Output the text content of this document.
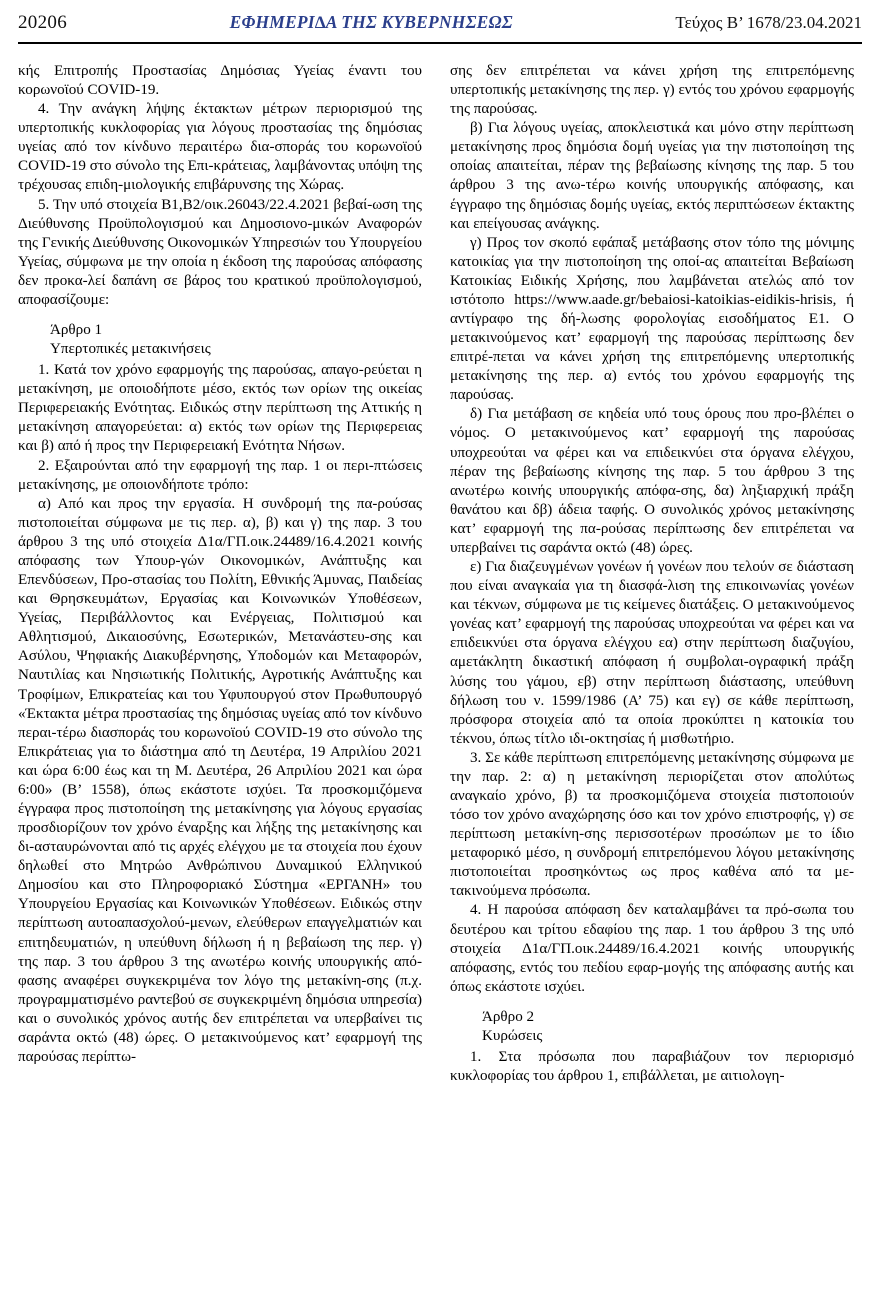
20206	ΕΦΗΜΕΡΙ∆Α ΤΗΣ ΚΥΒΕΡΝΗΣΕΩΣ	Τεύχος B’ 1678/23.04.2021

κής Επιτροπής Προστασίας Δημόσιας Υγείας έναντι του κορωνοϊού COVID-19.

4. Την ανάγκη λήψης έκτακτων μέτρων περιορισμού της υπερτοπικής κυκλοφορίας για λόγους προστασίας της δημόσιας υγείας από τον κίνδυνο περαιτέρω δια-σποράς του κορωνοϊού COVID-19 στο σύνολο της Επι-κράτειας, λαμβάνοντας υπόψη της τρέχουσας επιδη-μιολογικής επιβάρυνσης της Χώρας.

5. Την υπό στοιχεία Β1,Β2/οικ.26043/22.4.2021 βεβαί-ωση της Διεύθυνσης Προϋπολογισμού και Δημοσιονο-μικών Αναφορών της Γενικής Διεύθυνσης Οικονομικών Υπηρεσιών του Υπουργείου Υγείας, σύμφωνα με την οποία η έκδοση της παρούσας απόφασης δεν προκα-λεί δαπάνη σε βάρος του κρατικού προϋπολογισμού, αποφασίζουμε:

Άρθρο 1

Υπερτοπικές μετακινήσεις

1. Κατά τον χρόνο εφαρμογής της παρούσας, απαγο-ρεύεται η μετακίνηση, με οποιοδήποτε μέσο, εκτός των ορίων της οικείας Περιφερειακής Ενότητας. Ειδικώς στην περίπτωση της Αττικής η μετακίνηση απαγορεύεται: α) εκτός των ορίων της Περιφερειας και β) από ή προς την Περιφερειακή Ενότητα Νήσων.

2. Εξαιρούνται από την εφαρμογή της παρ. 1 οι περι-πτώσεις μετακίνησης, με οποιονδήποτε τρόπο:

α) Από και προς την εργασία. Η συνδρομή της πα-ρούσας πιστοποιείται σύμφωνα με τις περ. α), β) και γ) της παρ. 3 του άρθρου 3 της υπό στοιχεία Δ1α/ΓΠ.οικ.24489/16.4.2021 κοινής απόφασης των Υπουρ-γών Οικονομικών, Ανάπτυξης και Επενδύσεων, Προ-στασίας του Πολίτη, Εθνικής Άμυνας, Παιδείας και Θρησκευμάτων, Εργασίας και Κοινωνικών Υποθέσεων, Υγείας, Περιβάλλοντος και Ενέργειας, Πολιτισμού και Αθλητισμού, Δικαιοσύνης, Εσωτερικών, Μετανάστευ-σης και Ασύλου, Ψηφιακής Διακυβέρνησης, Υποδομών και Μεταφορών, Ναυτιλίας και Νησιωτικής Πολιτικής, Αγροτικής Ανάπτυξης και Τροφίμων, Επικρατείας και του Υφυπουργού στον Πρωθυπουργό «Έκτακτα μέτρα προστασίας της δημόσιας υγείας από τον κίνδυνο περαι-τέρω διασποράς του κορωνοϊού COVID-19 στο σύνολο της Επικράτειας για το διάστημα από τη Δευτέρα, 19 Απριλίου 2021 και ώρα 6:00 έως και τη Μ. Δευτέρα, 26 Απριλίου 2021 και ώρα 6:00» (Β’ 1558), όπως εκάστοτε ισχύει. Τα προσκομιζόμενα έγγραφα προς πιστοποίηση της μετακίνησης για λόγους εργασίας προσδιορίζουν τον χρόνο έναρξης και λήξης της μετακίνησης και δι-ασταυρώνονται από τις αρχές ελέγχου με τα στοιχεία που έχουν δηλωθεί στο Μητρώο Ανθρώπινου Δυναμικού Ελληνικού Δημοσίου και στο Πληροφοριακό Σύστημα «ΕΡΓΑΝΗ» του Υπουργείου Εργασίας και Κοινωνικών Υποθέσεων. Ειδικώς στην περίπτωση αυτοαπασχολού-μενων, ελεύθερων επαγγελματιών και επιτηδευματιών, η υπεύθυνη δήλωση ή η βεβαίωση της περ. γ) της παρ. 3 του άρθρου 3 της ανωτέρω κοινής υπουργικής από-φασης αναφέρει συγκεκριμένα τον λόγο της μετακίνη-σης (π.χ. προγραμματισμένο ραντεβού σε συγκεκριμένη δημόσια υπηρεσία) και ο συνολικός χρόνος αυτής δεν επιτρέπεται να υπερβαίνει τις σαράντα οκτώ (48) ώρες. Ο μετακινούμενος κατ’ εφαρμογή της παρούσας περίπτω-

σης δεν επιτρέπεται να κάνει χρήση της επιτρεπόμενης υπερτοπικής μετακίνησης της περ. γ) εντός του χρόνου εφαρμογής της παρούσας.

β) Για λόγους υγείας, αποκλειστικά και μόνο στην περίπτωση μετακίνησης προς δημόσια δομή υγείας για την πιστοποίηση της οποίας απαιτείται, πέραν της βεβαίωσης κίνησης της παρ. 5 του άρθρου 3 της ανω-τέρω κοινής υπουργικής απόφασης, και έγγραφο της δημόσιας δομής υγείας, εκτός περιπτώσεων έκτακτης και επείγουσας ανάγκης.

γ) Προς τον σκοπό εφάπαξ μετάβασης στον τόπο της μόνιμης κατοικίας για την πιστοποίηση της οποί-ας απαιτείται Βεβαίωση Κατοικίας Ειδικής Χρήσης, που λαμβάνεται ατελώς από τον ιστότοπο https://www.aade.gr/bebaiosi-katoikias-eidikis-hrisis, ή αντίγραφο της δή-λωσης φορολογίας εισοδήματος Ε1. Ο μετακινούμενος κατ’ εφαρμογή της παρούσας περίπτωσης δεν επιτρέ-πεται να κάνει χρήση της επιτρεπόμενης υπερτοπικής μετακίνησης της περ. α) εντός του χρόνου εφαρμογής της παρούσας.

δ) Για μετάβαση σε κηδεία υπό τους όρους που προ-βλέπει ο νόμος. Ο μετακινούμενος κατ’ εφαρμογή της παρούσας υποχρεούται να φέρει και να επιδεικνύει στα όργανα ελέγχου, πέραν της βεβαίωσης κίνησης της παρ. 5 του άρθρου 3 της ανωτέρω κοινής υπουργικής απόφα-σης, δα) ληξιαρχική πράξη θανάτου και δβ) άδεια ταφής. Ο συνολικός χρόνος μετακίνησης κατ’ εφαρμογή της πα-ρούσας περίπτωσης δεν επιτρέπεται να υπερβαίνει τις σαράντα οκτώ (48) ώρες.

ε) Για διαζευγμένων γονέων ή γονέων που τελούν σε διάσταση που είναι αναγκαία για τη διασφά-λιση της επικοινωνίας γονέων και τέκνων, σύμφωνα με τις κείμενες διατάξεις. Ο μετακινούμενος γονέας κατ’ εφαρμογή της παρούσας υποχρεούται να φέρει και να επιδεικνύει στα όργανα ελέγχου εα) στην περίπτωση διαζυγίου, αμετάκλητη δικαστική απόφαση ή συμβολαι-ογραφική πράξη λύσης του γάμου, εβ) στην περίπτωση διάστασης, υπεύθυνη δήλωση του ν. 1599/1986 (Α’ 75) και εγ) σε κάθε περίπτωση, πρόσφορα στοιχεία από τα οποία προκύπτει η κατοικία του τέκνου, όπως τίτλο ιδι-οκτησίας ή μισθωτήριο.

3. Σε κάθε περίπτωση επιτρεπόμενης μετακίνησης σύμφωνα με την παρ. 2: α) η μετακίνηση περιορίζεται στον απολύτως αναγκαίο χρόνο, β) τα προσκομιζόμενα στοιχεία πιστοποιούν τόσο τον χρόνο αναχώρησης όσο και τον χρόνο επιστροφής, γ) σε περίπτωση μετακίνη-σης περισσοτέρων προσώπων με το ίδιο μεταφορικό μέσο, η συνδρομή επιτρεπόμενου λόγου μετακίνησης πιστοποιείται προσηκόντως ως προς καθένα από τα με-τακινούμενα πρόσωπα.

4. Η παρούσα απόφαση δεν καταλαμβάνει τα πρό-σωπα του δευτέρου και τρίτου εδαφίου της παρ. 1 του άρθρου 3 της υπό στοιχεία Δ1α/ΓΠ.οικ.24489/16.4.2021 κοινής υπουργικής απόφασης, εντός του πεδίου εφαρ-μογής της απόφασης αυτής και όπως εκάστοτε ισχύει.

Άρθρο 2

Κυρώσεις

1. Στα πρόσωπα που παραβιάζουν τον περιορισμό κυκλοφορίας του άρθρου 1, επιβάλλεται, με αιτιολογη-
